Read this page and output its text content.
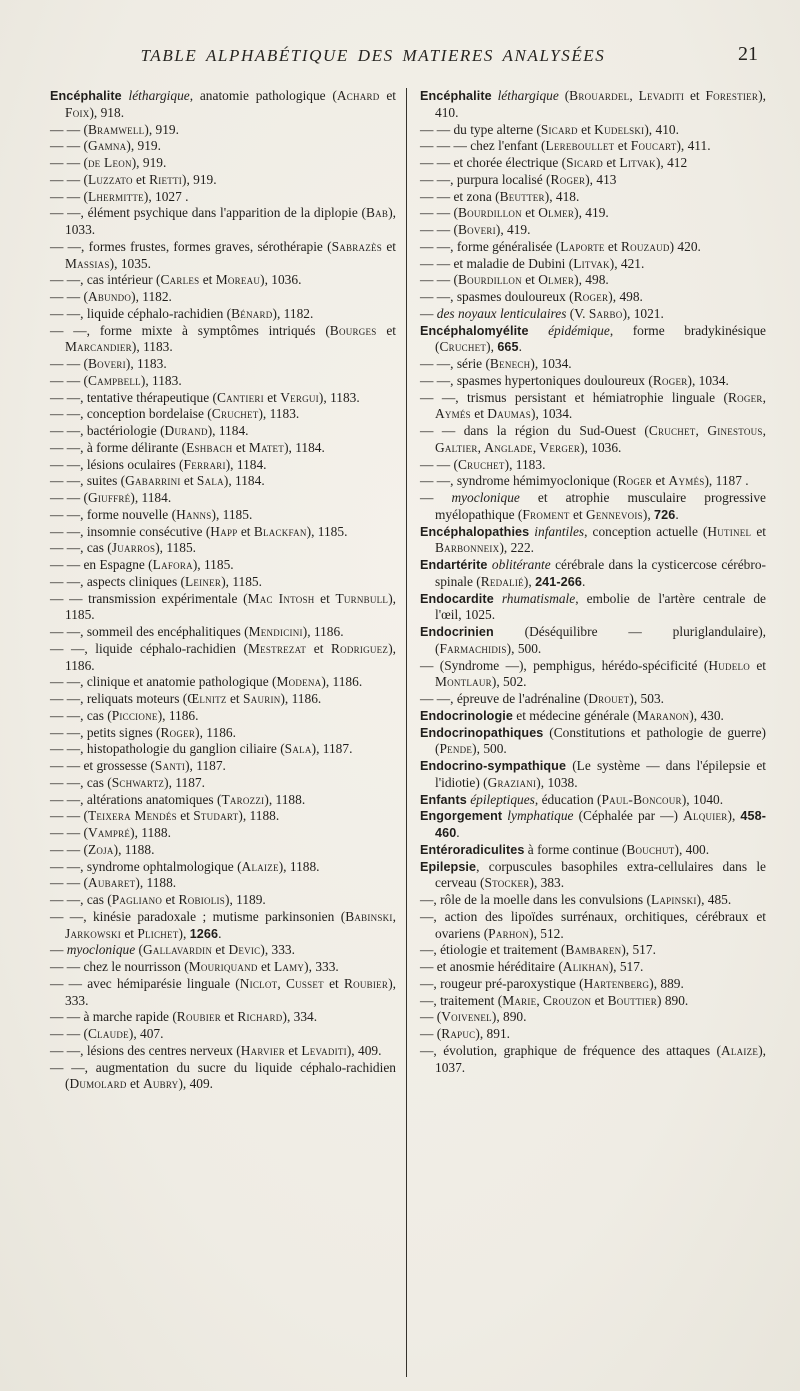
TABLE ALPHABÉTIQUE DES MATIERES ANALYSÉES	21

Encéphalite léthargique, anatomie pathologique (Achard et Foix), 918.

— — (Bramwell), 919.

— — (Gamna), 919.

— — (de Leon), 919.

— — (Luzzato et Rietti), 919.

— — (Lhermitte), 1027 .

— —, élément psychique dans l'apparition de la diplopie (Bab), 1033.

— —, formes frustes, formes graves, sérothérapie (Sabrazès et Massias), 1035.

— —, cas intérieur (Carles et Moreau), 1036.

— — (Abundo), 1182.

— —, liquide céphalo-rachidien (Bénard), 1182.

— —, forme mixte à symptômes intriqués (Bourges et Marcandier), 1183.

— — (Boveri), 1183.

— — (Campbell), 1183.

— —, tentative thérapeutique (Cantieri et Vergui), 1183.

— —, conception bordelaise (Cruchet), 1183.

— —, bactériologie (Durand), 1184.

— —, à forme délirante (Eshbach et Matet), 1184.

— —, lésions oculaires (Ferrari), 1184.

— —, suites (Gabarrini et Sala), 1184.

— — (Giuffré), 1184.

— —, forme nouvelle (Hanns), 1185.

— —, insomnie consécutive (Happ et Blackfan), 1185.

— —, cas (Juarros), 1185.

— — en Espagne (Lafora), 1185.

— —, aspects cliniques (Leiner), 1185.

— — transmission expérimentale (Mac Intosh et Turnbull), 1185.

— —, sommeil des encéphalitiques (Mendicini), 1186.

— —, liquide céphalo-rachidien (Mestrezat et Rodriguez), 1186.

— —, clinique et anatomie pathologique (Modena), 1186.

— —, reliquats moteurs (Œlnitz et Saurin), 1186.

— —, cas (Piccione), 1186.

— —, petits signes (Roger), 1186.

— —, histopathologie du ganglion ciliaire (Sala), 1187.

— — et grossesse (Santi), 1187.

— —, cas (Schwartz), 1187.

— —, altérations anatomiques (Tarozzi), 1188.

— — (Teixera Mendés et Studart), 1188.

— — (Vampré), 1188.

— — (Zoja), 1188.

— —, syndrome ophtalmologique (Alaize), 1188.

— — (Aubaret), 1188.

— —, cas (Pagliano et Robiolis), 1189.

— —, kinésie paradoxale ; mutisme parkinsonien (Babinski, Jarkowski et Plichet), 1266.

— myoclonique (Gallavardin et Devic), 333.

— — chez le nourrisson (Mouriquand et Lamy), 333.

— — avec hémiparésie linguale (Niclot, Cusset et Roubier), 333.

— — à marche rapide (Roubier et Richard), 334.

— — (Claude), 407.

— —, lésions des centres nerveux (Harvier et Levaditi), 409.

— —, augmentation du sucre du liquide céphalo-rachidien (Dumolard et Aubry), 409.

Encéphalite léthargique (Brouardel, Levaditi et Forestier), 410.

— — du type alterne (Sicard et Kudelski), 410.

— — — chez l'enfant (Lereboullet et Foucart), 411.

— — et chorée électrique (Sicard et Litvak), 412

— —, purpura localisé (Roger), 413

— — et zona (Beutter), 418.

— — (Bourdillon et Olmer), 419.

— — (Boveri), 419.

— —, forme généralisée (Laporte et Rouzaud) 420.

— — et maladie de Dubini (Litvak), 421.

— — (Bourdillon et Olmer), 498.

— —, spasmes douloureux (Roger), 498.

— des noyaux lenticulaires (V. Sarbo), 1021.

Encéphalomyélite épidémique, forme bradykinésique (Cruchet), 665.

— —, série (Benech), 1034.

— —, spasmes hypertoniques douloureux (Roger), 1034.

— —, trismus persistant et hémiatrophie linguale (Roger, Aymés et Daumas), 1034.

— — dans la région du Sud-Ouest (Cruchet, Ginestous, Galtier, Anglade, Verger), 1036.

— — (Cruchet), 1183.

— —, syndrome hémimyoclonique (Roger et Aymés), 1187 .

— myoclonique et atrophie musculaire progressive myélopathique (Froment et Gennevois), 726.

Encéphalopathies infantiles, conception actuelle (Hutinel et Barbonneix), 222.

Endartérite oblitérante cérébrale dans la cysticercose cérébro-spinale (Redalié), 241-266.

Endocardite rhumatismale, embolie de l'artère centrale de l'œil, 1025.

Endocrinien (Déséquilibre — pluriglandulaire), (Farmachidis), 500.

— (Syndrome —), pemphigus, hérédo-spécificité (Hudelo et Montlaur), 502.

— —, épreuve de l'adrénaline (Drouet), 503.

Endocrinologie et médecine générale (Maranon), 430.

Endocrinopathiques (Constitutions et pathologie de guerre) (Pende), 500.

Endocrino-sympathique (Le système — dans l'épilepsie et l'idiotie) (Graziani), 1038.

Enfants épileptiques, éducation (Paul-Boncour), 1040.

Engorgement lymphatique (Céphalée par —) Alquier), 458-460.

Entéroradiculites à forme continue (Bouchut), 400.

Epilepsie, corpuscules basophiles extra-cellulaires dans le cerveau (Stocker), 383.

—, rôle de la moelle dans les convulsions (Lapinski), 485.

—, action des lipoïdes surrénaux, orchitiques, cérébraux et ovariens (Parhon), 512.

—, étiologie et traitement (Bambaren), 517.

— et anosmie héréditaire (Alikhan), 517.

—, rougeur pré-paroxystique (Hartenberg), 889.

—, traitement (Marie, Crouzon et Bouttier) 890.

— (Voivenel), 890.

— (Rapuc), 891.

—, évolution, graphique de fréquence des attaques (Alaize), 1037.
